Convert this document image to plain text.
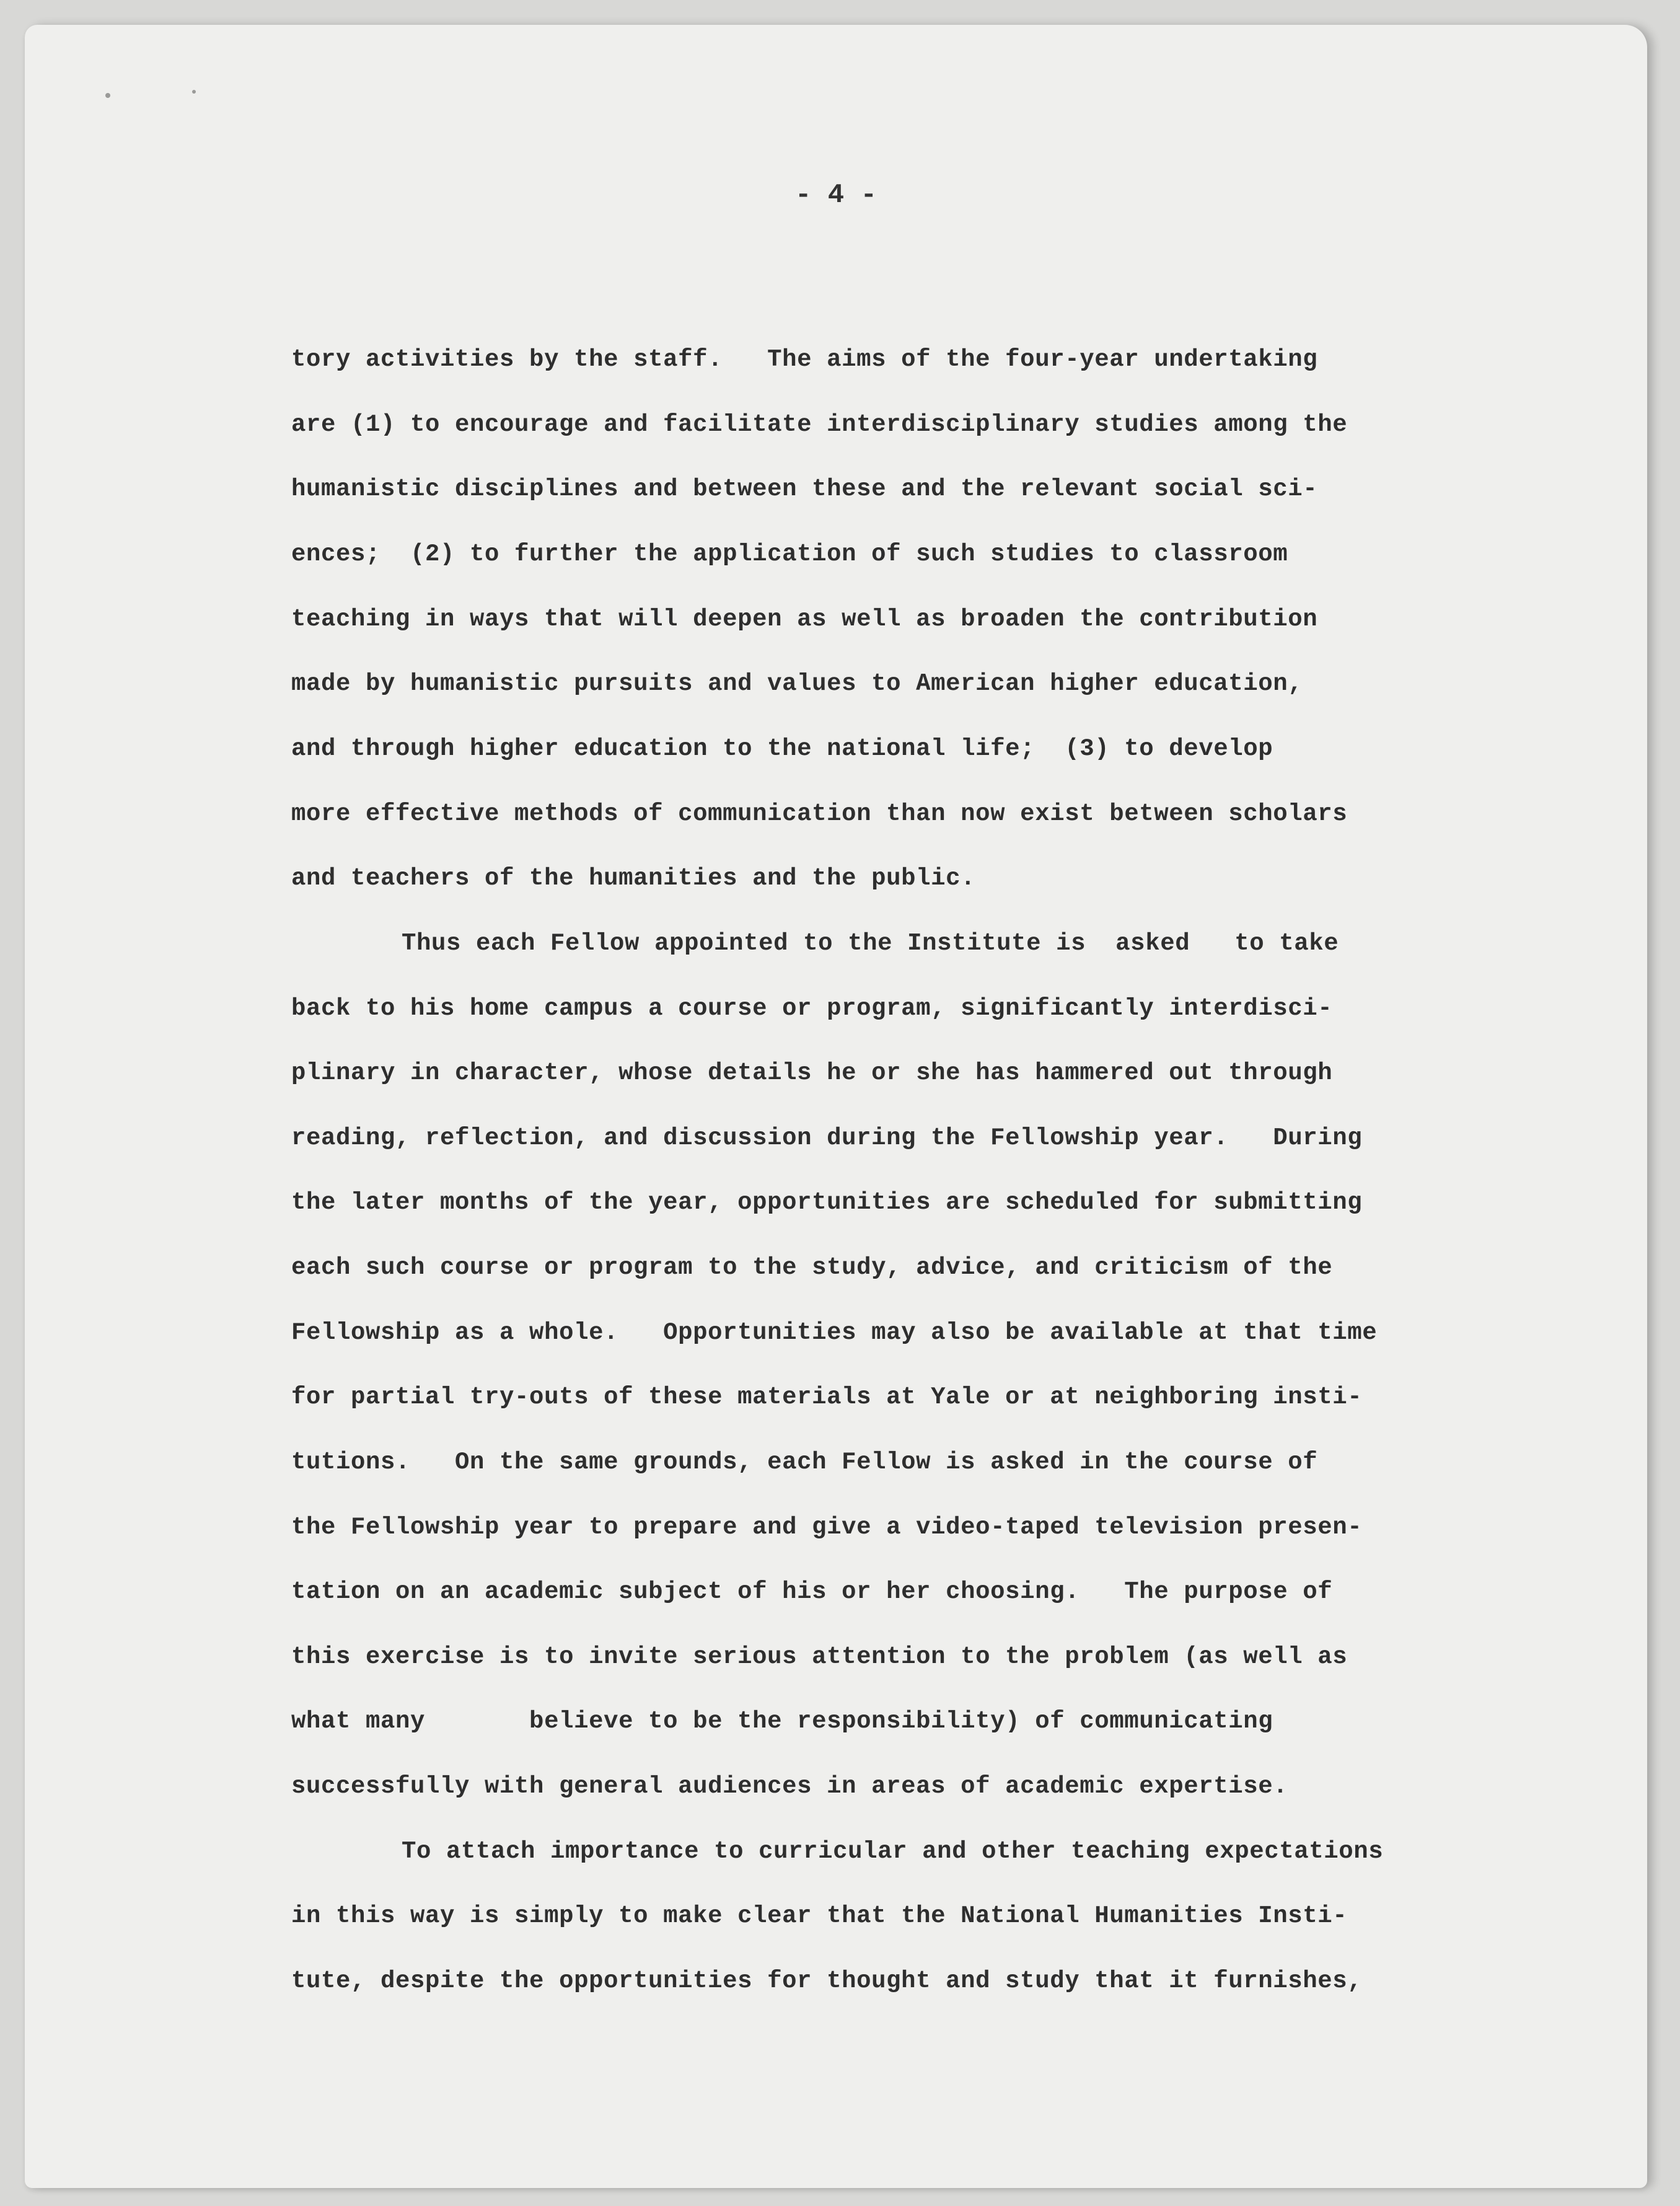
- 4 -
tory activities by the staff.   The aims of the four-year undertaking
are (1) to encourage and facilitate interdisciplinary studies among the
humanistic disciplines and between these and the relevant social sci-
ences;  (2) to further the application of such studies to classroom
teaching in ways that will deepen as well as broaden the contribution
made by humanistic pursuits and values to American higher education,
and through higher education to the national life;  (3) to develop
more effective methods of communication than now exist between scholars
and teachers of the humanities and the public.
Thus each Fellow appointed to the Institute is  asked   to take
back to his home campus a course or program, significantly interdisci-
plinary in character, whose details he or she has hammered out through
reading, reflection, and discussion during the Fellowship year.   During
the later months of the year, opportunities are scheduled for submitting
each such course or program to the study, advice, and criticism of the
Fellowship as a whole.   Opportunities may also be available at that time
for partial try-outs of these materials at Yale or at neighboring insti-
tutions.   On the same grounds, each Fellow is asked in the course of
the Fellowship year to prepare and give a video-taped television presen-
tation on an academic subject of his or her choosing.   The purpose of
this exercise is to invite serious attention to the problem (as well as
what many       believe to be the responsibility) of communicating
successfully with general audiences in areas of academic expertise.
To attach importance to curricular and other teaching expectations
in this way is simply to make clear that the National Humanities Insti-
tute, despite the opportunities for thought and study that it furnishes,
